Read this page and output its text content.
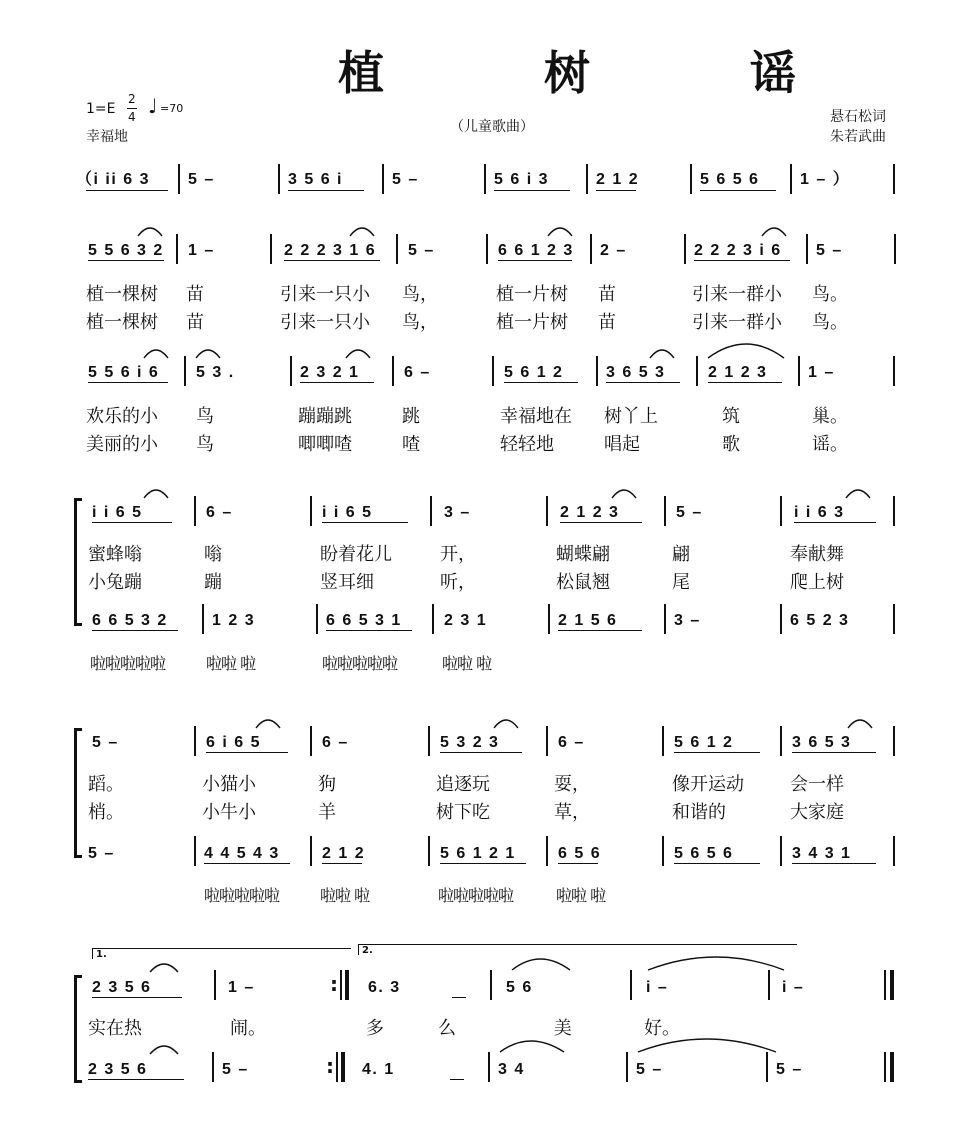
植 树 谣
1=E
2
4 ♩ =70
幸福地
（儿童歌曲）
悬石松词
朱若武曲
（i ii 6 3 5 –	3 5 6 i	5 –	5 6 i 3	2 1 2	5 6 5 6	1 – ）
5 5 6 3 2 1 –	2 2 2 3 1 6 5 –	6 6 1 2 3 2 –	2 2 2 3 i 6 5 –
植一棵树 苗	引来一只小 鸟，	植一片树 苗	引来一群小 鸟。
植一棵树 苗	引来一只小 鸟，	植一片树 苗	引来一群小 鸟。
5 5 6 i 6 5 3 .	2 3 2 1	6 –	5 6 1 2	3 6 5 3	2 1 2 3	1 –
欢乐的小 鸟	蹦蹦跳	跳	幸福地在 树丫上	筑	巢。
美丽的小 鸟	唧唧喳	喳	轻轻地	唱起	歌	谣。
i i 6 5	6 –	i i 6 5	3 –	2 1 2 3	5 –	i i 6 3
蜜蜂嗡	嗡	盼着花儿	开，	蝴蝶翩	翩	奉献舞
小兔蹦	蹦	竖耳细	听，	松鼠翘	尾	爬上树
6 6 5 3 2	1 2 3	6 6 5 3 1	2 3 1	2 1 5 6	3 –	6 5 2 3
啦啦啦啦啦	啦啦 啦	啦啦啦啦啦	啦啦 啦
5 –	6 i 6 5	6 –	5 3 2 3	6 –	5 6 1 2	3 6 5 3
蹈。	小猫小	狗	追逐玩	耍，	像开运动	会一样
梢。	小牛小	羊	树下吃	草，	和谐的	大家庭
5 –	4 4 5 4 3	2 1 2	5 6 1 2 1	6 5 6	5 6 5 6	3 4 3 1
啦啦啦啦啦	啦啦 啦	啦啦啦啦啦	啦啦 啦
1.	2.
2 3 5 6	1 –	6. 3	5 6	i –	i –
:
实在热	闹。	多	么 美 好。
2 3 5 6	5 –	4. 1	3 4	5 –	5 –
:
